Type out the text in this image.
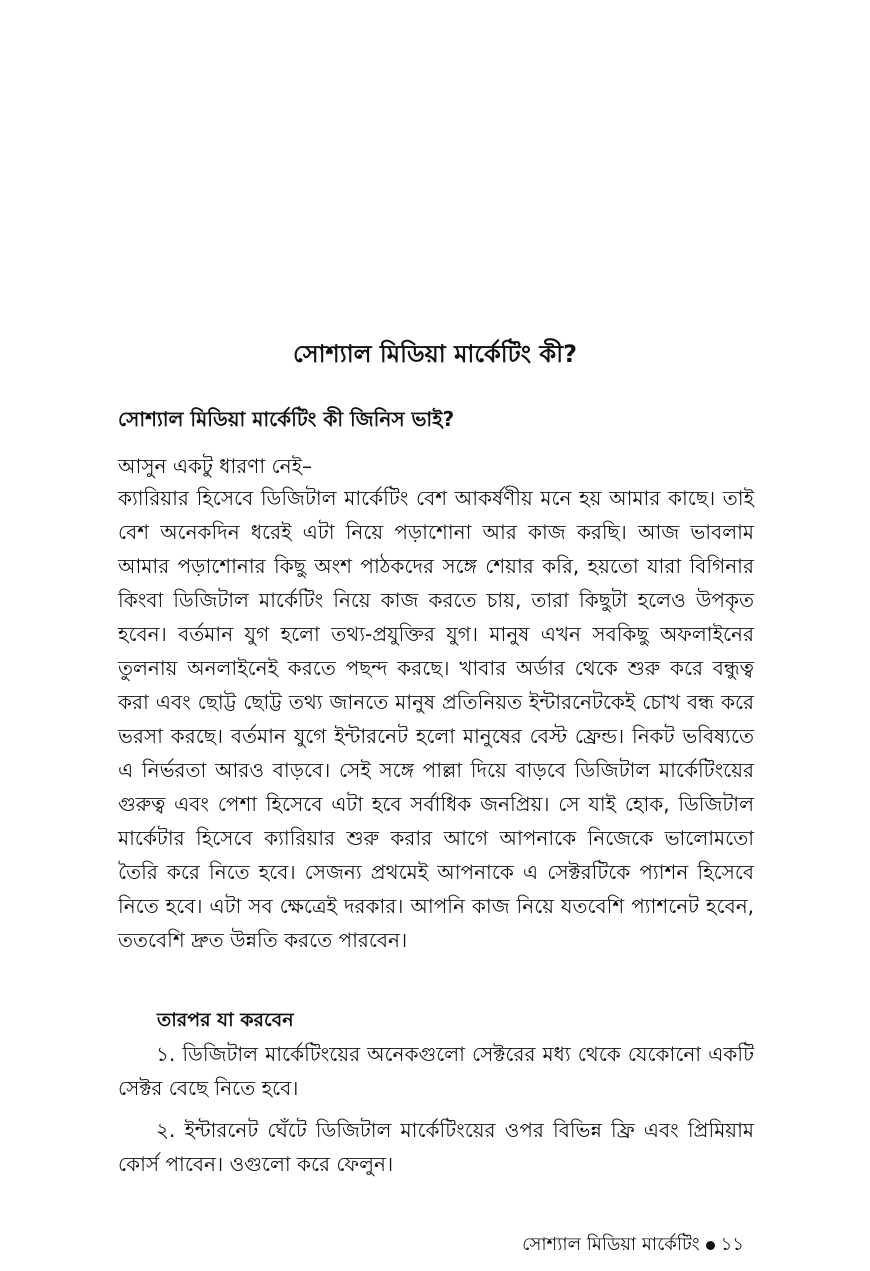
সোশ্যাল মিডিয়া মার্কেটিং কী?
সোশ্যাল মিডিয়া মার্কেটিং কী জিনিস ভাই?
আসুন একটু ধারণা নেই–

ক্যারিয়ার হিসেবে ডিজিটাল মার্কেটিং বেশ আকর্ষণীয় মনে হয় আমার কাছে। তাই বেশ অনেকদিন ধরেই এটা নিয়ে পড়াশোনা আর কাজ করছি। আজ ভাবলাম আমার পড়াশোনার কিছু অংশ পাঠকদের সঙ্গে শেয়ার করি, হয়তো যারা বিগিনার কিংবা ডিজিটাল মার্কেটিং নিয়ে কাজ করতে চায়, তারা কিছুটা হলেও উপকৃত হবেন। বর্তমান যুগ হলো তথ্য-প্রযুক্তির যুগ। মানুষ এখন সবকিছু অফলাইনের তুলনায় অনলাইনেই করতে পছন্দ করছে। খাবার অর্ডার থেকে শুরু করে বন্ধুত্ব করা এবং ছোট্ট ছোট্ট তথ্য জানতে মানুষ প্রতিনিয়ত ইন্টারনেটকেই চোখ বন্ধ করে ভরসা করছে। বর্তমান যুগে ইন্টারনেট হলো মানুষের বেস্ট ফ্রেন্ড। নিকট ভবিষ্যতে এ নির্ভরতা আরও বাড়বে। সেই সঙ্গে পাল্লা দিয়ে বাড়বে ডিজিটাল মার্কেটিংয়ের গুরুত্ব এবং পেশা হিসেবে এটা হবে সর্বাধিক জনপ্রিয়। সে যাই হোক, ডিজিটাল মার্কেটার হিসেবে ক্যারিয়ার শুরু করার আগে আপনাকে নিজেকে ভালোমতো তৈরি করে নিতে হবে। সেজন্য প্রথমেই আপনাকে এ সেক্টরটিকে প্যাশন হিসেবে নিতে হবে। এটা সব ক্ষেত্রেই দরকার। আপনি কাজ নিয়ে যতবেশি প্যাশনেট হবেন, ততবেশি দ্রুত উন্নতি করতে পারবেন।

তারপর যা করবেন

১. ডিজিটাল মার্কেটিংয়ের অনেকগুলো সেক্টরের মধ্য থেকে যেকোনো একটি সেক্টর বেছে নিতে হবে।

২. ইন্টারনেট ঘেঁটে ডিজিটাল মার্কেটিংয়ের ওপর বিভিন্ন ফ্রি এবং প্রিমিয়াম কোর্স পাবেন। ওগুলো করে ফেলুন।

সোশ্যাল মিডিয়া মার্কেটিং ১১
